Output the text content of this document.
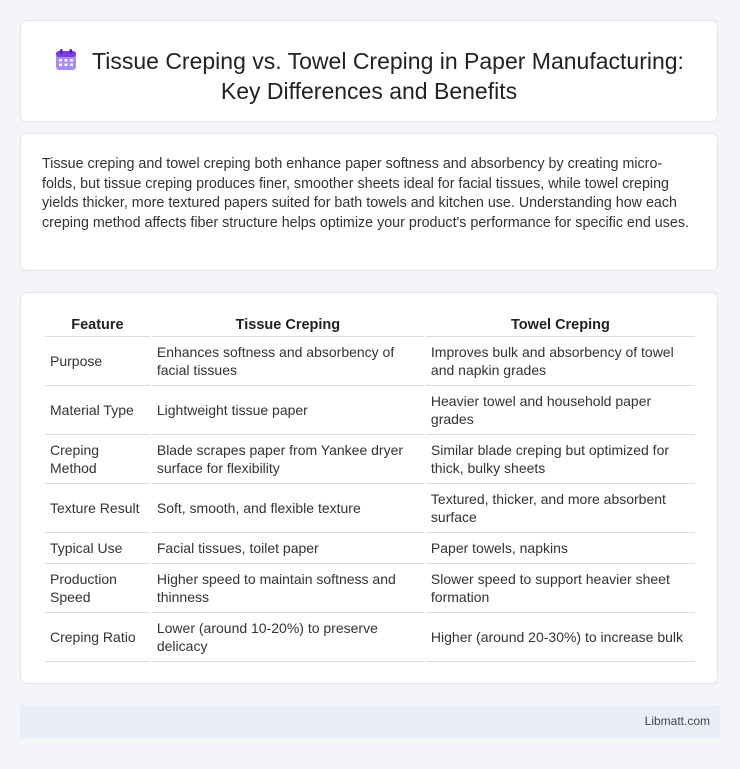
Tissue Creping vs. Towel Creping in Paper Manufacturing: Key Differences and Benefits

Tissue creping and towel creping both enhance paper softness and absorbency by creating micro-folds, but tissue creping produces finer, smoother sheets ideal for facial tissues, while towel creping yields thicker, more textured papers suited for bath towels and kitchen use. Understanding how each creping method affects fiber structure helps optimize your product's performance for specific end uses.

Feature	Tissue Creping	Towel Creping
Purpose	Enhances softness and absorbency of facial tissues	Improves bulk and absorbency of towel and napkin grades
Material Type	Lightweight tissue paper	Heavier towel and household paper grades
Creping Method	Blade scrapes paper from Yankee dryer surface for flexibility	Similar blade creping but optimized for thick, bulky sheets
Texture Result	Soft, smooth, and flexible texture	Textured, thicker, and more absorbent surface
Typical Use	Facial tissues, toilet paper	Paper towels, napkins
Production Speed	Higher speed to maintain softness and thinness	Slower speed to support heavier sheet formation
Creping Ratio	Lower (around 10-20%) to preserve delicacy	Higher (around 20-30%) to increase bulk
Libmatt.com
